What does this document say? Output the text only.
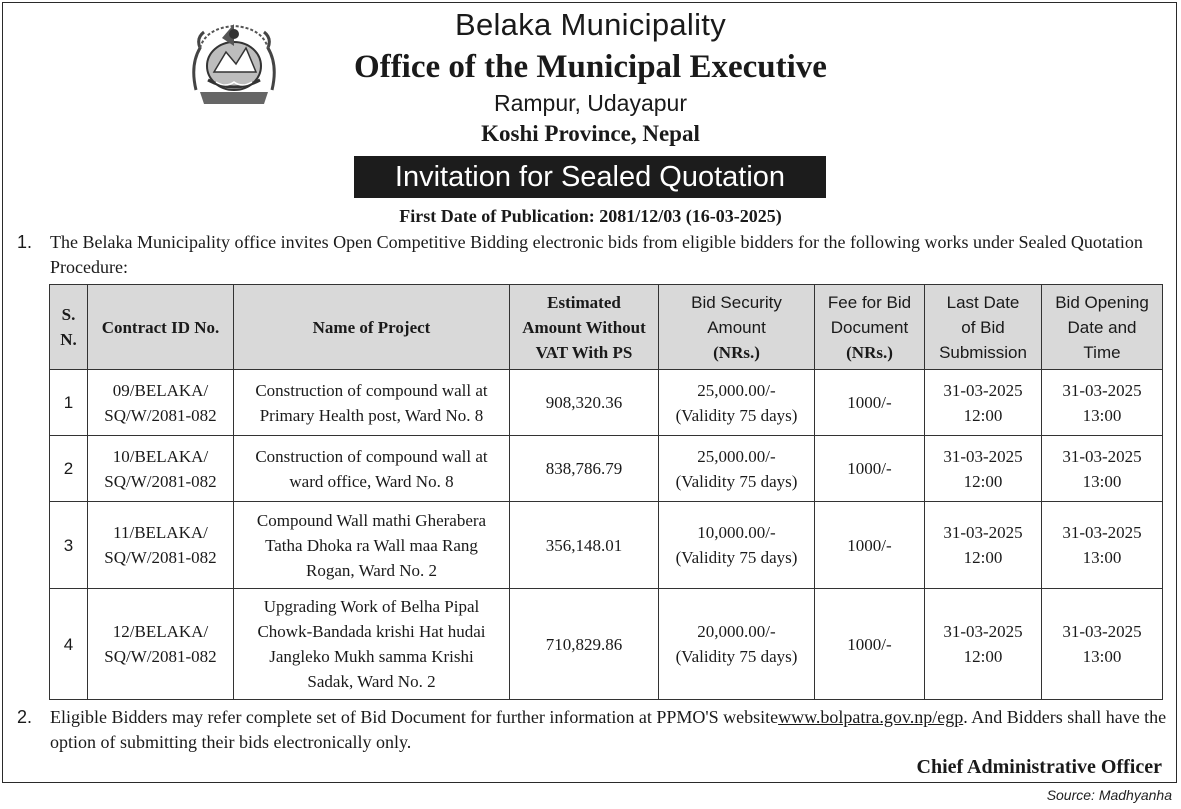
Belaka Municipality
Office of the Municipal Executive
Rampur, Udayapur
Koshi Province, Nepal
Invitation for Sealed Quotation
First Date of Publication: 2081/12/03 (16-03-2025)
1. The Belaka Municipality office invites Open Competitive Bidding electronic bids from eligible bidders for the following works under Sealed Quotation Procedure:
S.
N.	Contract ID No.	Name of Project	Estimated
Amount Without
VAT With PS	Bid Security
Amount
(NRs.)	Fee for Bid
Document
(NRs.)	Last Date
of Bid
Submission	Bid Opening
Date and
Time

1	09/BELAKA/
SQ/W/2081-082	Construction of compound wall at
Primary Health post, Ward No. 8	908,320.36	25,000.00/-
(Validity 75 days)	1000/-	31-03-2025
12:00	31-03-2025
13:00

2	10/BELAKA/
SQ/W/2081-082	Construction of compound wall at
ward office, Ward No. 8	838,786.79	25,000.00/-
(Validity 75 days)	1000/-	31-03-2025
12:00	31-03-2025
13:00

3	11/BELAKA/
SQ/W/2081-082	Compound Wall mathi Gherabera
Tatha Dhoka ra Wall maa Rang
Rogan, Ward No. 2	356,148.01	10,000.00/-
(Validity 75 days)	1000/-	31-03-2025
12:00	31-03-2025
13:00

4	12/BELAKA/
SQ/W/2081-082	Upgrading Work of Belha Pipal
Chowk-Bandada krishi Hat hudai
Jangleko Mukh samma Krishi
Sadak, Ward No. 2	710,829.86	20,000.00/-
(Validity 75 days)	1000/-	31-03-2025
12:00	31-03-2025
13:00
2. Eligible Bidders may refer complete set of Bid Document for further information at PPMO'S websitewww.bolpatra.gov.np/egp. And Bidders shall have the option of submitting their bids electronically only.
Chief Administrative Officer
Source: Madhyanha
